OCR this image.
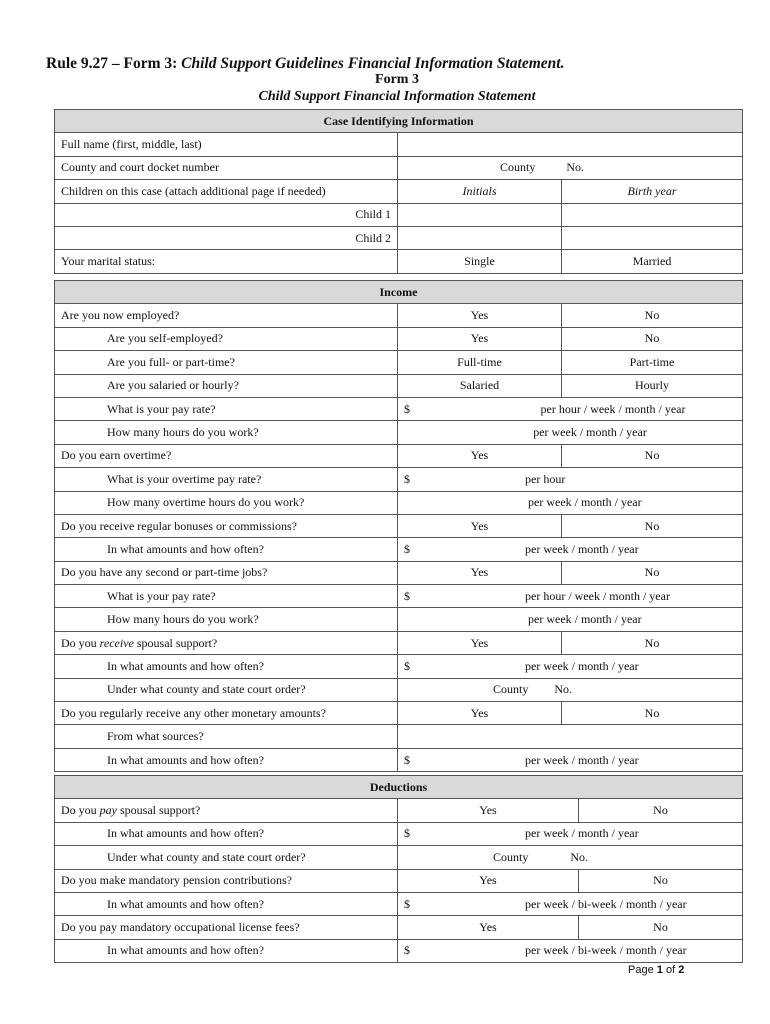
Rule 9.27 – Form 3: Child Support Guidelines Financial Information Statement.
Form 3
Child Support Financial Information Statement
Case Identifying Information		
Full name (first, middle, last)		
County and court docket number	County No.	
Children on this case (attach additional page if needed)	Initials	Birth year
Child 1		
Child 2		
Your marital status:	Single	Married
Income		
Are you now employed?	Yes	No
Are you self-employed?	Yes	No
Are you full- or part-time?	Full-time	Part-time
Are you salaried or hourly?	Salaried	Hourly
What is your pay rate?	$ per hour / week / month / year	

How many hours do you work?	per week / month / year	

Do you earn overtime?	Yes	No
What is your overtime pay rate?	$ per hour	
How many overtime hours do you work?	per week / month / year	
Do you receive regular bonuses or commissions?	Yes	No
In what amounts and how often?	$ per week / month / year	
Do you have any second or part-time jobs?	Yes	No
What is your pay rate?	$ per hour / week / month / year	
How many hours do you work?	per week / month / year	
Do you receive spousal support?	Yes	No
In what amounts and how often?	$ per week / month / year	
Under what county and state court order?	County No.	
Do you regularly receive any other monetary amounts?	Yes	No
From what sources?		
In what amounts and how often?	$ per week / month / year	
Deductions		
Do you pay spousal support?	Yes	No
In what amounts and how often?	$ per week / month / year	
Under what county and state court order?	County No.	
Do you make mandatory pension contributions?	Yes	No
In what amounts and how often?	$ per week / bi-week / month / year	
Do you pay mandatory occupational license fees?	Yes	No
In what amounts and how often?	$ per week / bi-week / month / year	
Page 1 of 2
